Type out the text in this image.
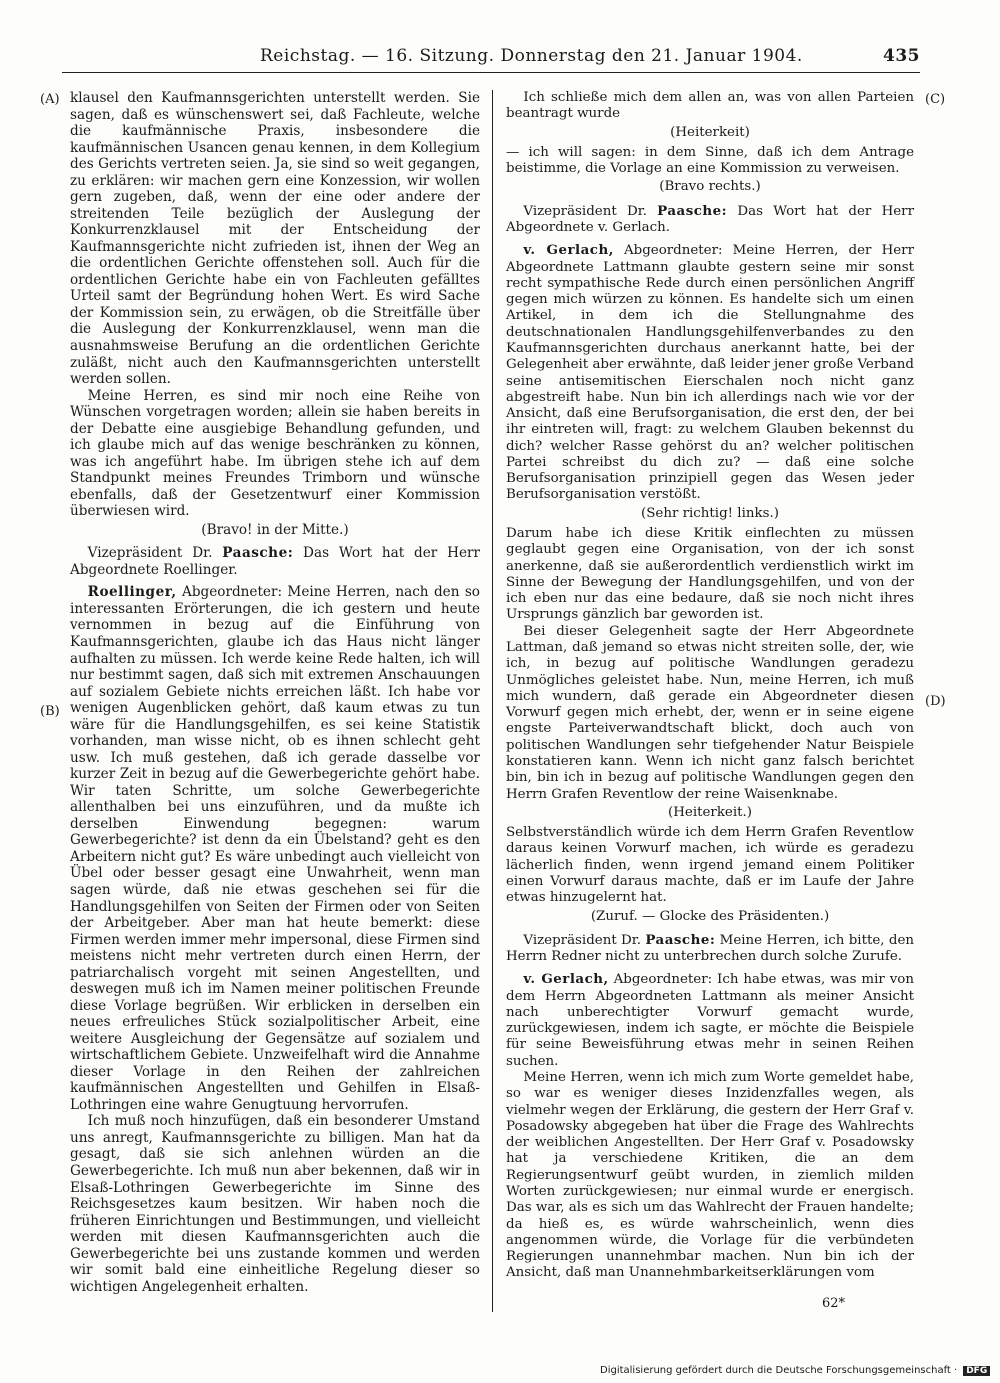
Reichstag. — 16. Sitzung. Donnerstag den 21. Januar 1904.	435
(A)
(B)
(C)
(D)

klausel den Kaufmannsgerichten unterstellt werden. Sie sagen, daß es wünschenswert sei, daß Fachleute, welche die kaufmännische Praxis, insbesondere die kaufmännischen Usancen genau kennen, in dem Kollegium des Gerichts vertreten seien. Ja, sie sind so weit gegangen, zu erklären: wir machen gern eine Konzession, wir wollen gern zugeben, daß, wenn der eine oder andere der streitenden Teile bezüglich der Auslegung der Konkurrenzklausel mit der Entscheidung der Kaufmannsgerichte nicht zufrieden ist, ihnen der Weg an die ordentlichen Gerichte offenstehen soll. Auch für die ordentlichen Gerichte habe ein von Fachleuten gefälltes Urteil samt der Begründung hohen Wert. Es wird Sache der Kommission sein, zu erwägen, ob die Streitfälle über die Auslegung der Konkurrenzklausel, wenn man die ausnahmsweise Berufung an die ordentlichen Gerichte zuläßt, nicht auch den Kaufmannsgerichten unterstellt werden sollen.

Meine Herren, es sind mir noch eine Reihe von Wünschen vorgetragen worden; allein sie haben bereits in der Debatte eine ausgiebige Behandlung gefunden, und ich glaube mich auf das wenige beschränken zu können, was ich angeführt habe. Im übrigen stehe ich auf dem Standpunkt meines Freundes Trimborn und wünsche ebenfalls, daß der Gesetzentwurf einer Kommission überwiesen wird.

(Bravo! in der Mitte.)

Vizepräsident Dr. Paasche: Das Wort hat der Herr Abgeordnete Roellinger.

Roellinger, Abgeordneter: Meine Herren, nach den so interessanten Erörterungen, die ich gestern und heute vernommen in bezug auf die Einführung von Kaufmannsgerichten, glaube ich das Haus nicht länger aufhalten zu müssen. Ich werde keine Rede halten, ich will nur bestimmt sagen, daß sich mit extremen Anschauungen auf sozialem Gebiete nichts erreichen läßt. Ich habe vor wenigen Augenblicken gehört, daß kaum etwas zu tun wäre für die Handlungsgehilfen, es sei keine Statistik vorhanden, man wisse nicht, ob es ihnen schlecht geht usw. Ich muß gestehen, daß ich gerade dasselbe vor kurzer Zeit in bezug auf die Gewerbegerichte gehört habe. Wir taten Schritte, um solche Gewerbegerichte allenthalben bei uns einzuführen, und da mußte ich derselben Einwendung begegnen: warum Gewerbegerichte? ist denn da ein Übelstand? geht es den Arbeitern nicht gut? Es wäre unbedingt auch vielleicht von Übel oder besser gesagt eine Unwahrheit, wenn man sagen würde, daß nie etwas geschehen sei für die Handlungsgehilfen von Seiten der Firmen oder von Seiten der Arbeitgeber. Aber man hat heute bemerkt: diese Firmen werden immer mehr impersonal, diese Firmen sind meistens nicht mehr vertreten durch einen Herrn, der patriarchalisch vorgeht mit seinen Angestellten, und deswegen muß ich im Namen meiner politischen Freunde diese Vorlage begrüßen. Wir erblicken in derselben ein neues erfreuliches Stück sozialpolitischer Arbeit, eine weitere Ausgleichung der Gegensätze auf sozialem und wirtschaftlichem Gebiete. Unzweifelhaft wird die Annahme dieser Vorlage in den Reihen der zahlreichen kaufmännischen Angestellten und Gehilfen in Elsaß-Lothringen eine wahre Genugtuung hervorrufen.

Ich muß noch hinzufügen, daß ein besonderer Umstand uns anregt, Kaufmannsgerichte zu billigen. Man hat da gesagt, daß sie sich anlehnen würden an die Gewerbegerichte. Ich muß nun aber bekennen, daß wir in Elsaß-Lothringen Gewerbegerichte im Sinne des Reichsgesetzes kaum besitzen. Wir haben noch die früheren Einrichtungen und Bestimmungen, und vielleicht werden mit diesen Kaufmannsgerichten auch die Gewerbegerichte bei uns zustande kommen und werden wir somit bald eine einheitliche Regelung dieser so wichtigen Angelegenheit erhalten.

Ich schließe mich dem allen an, was von allen Parteien beantragt wurde

(Heiterkeit)

— ich will sagen: in dem Sinne, daß ich dem Antrage beistimme, die Vorlage an eine Kommission zu verweisen.

(Bravo rechts.)

Vizepräsident Dr. Paasche: Das Wort hat der Herr Abgeordnete v. Gerlach.

v. Gerlach, Abgeordneter: Meine Herren, der Herr Abgeordnete Lattmann glaubte gestern seine mir sonst recht sympathische Rede durch einen persönlichen Angriff gegen mich würzen zu können. Es handelte sich um einen Artikel, in dem ich die Stellungnahme des deutschnationalen Handlungsgehilfenverbandes zu den Kaufmannsgerichten durchaus anerkannt hatte, bei der Gelegenheit aber erwähnte, daß leider jener große Verband seine antisemitischen Eierschalen noch nicht ganz abgestreift habe. Nun bin ich allerdings nach wie vor der Ansicht, daß eine Berufsorganisation, die erst den, der bei ihr eintreten will, fragt: zu welchem Glauben bekennst du dich? welcher Rasse gehörst du an? welcher politischen Partei schreibst du dich zu? — daß eine solche Berufsorganisation prinzipiell gegen das Wesen jeder Berufsorganisation verstößt.

(Sehr richtig! links.)

Darum habe ich diese Kritik einflechten zu müssen geglaubt gegen eine Organisation, von der ich sonst anerkenne, daß sie außerordentlich verdienstlich wirkt im Sinne der Bewegung der Handlungsgehilfen, und von der ich eben nur das eine bedaure, daß sie noch nicht ihres Ursprungs gänzlich bar geworden ist.

Bei dieser Gelegenheit sagte der Herr Abgeordnete Lattman, daß jemand so etwas nicht streiten solle, der, wie ich, in bezug auf politische Wandlungen geradezu Unmögliches geleistet habe. Nun, meine Herren, ich muß mich wundern, daß gerade ein Abgeordneter diesen Vorwurf gegen mich erhebt, der, wenn er in seine eigene engste Parteiverwandtschaft blickt, doch auch von politischen Wandlungen sehr tiefgehender Natur Beispiele konstatieren kann. Wenn ich nicht ganz falsch berichtet bin, bin ich in bezug auf politische Wandlungen gegen den Herrn Grafen Reventlow der reine Waisenknabe.

(Heiterkeit.)

Selbstverständlich würde ich dem Herrn Grafen Reventlow daraus keinen Vorwurf machen, ich würde es geradezu lächerlich finden, wenn irgend jemand einem Politiker einen Vorwurf daraus machte, daß er im Laufe der Jahre etwas hinzugelernt hat.

(Zuruf. — Glocke des Präsidenten.)

Vizepräsident Dr. Paasche: Meine Herren, ich bitte, den Herrn Redner nicht zu unterbrechen durch solche Zurufe.

v. Gerlach, Abgeordneter: Ich habe etwas, was mir von dem Herrn Abgeordneten Lattmann als meiner Ansicht nach unberechtigter Vorwurf gemacht wurde, zurückgewiesen, indem ich sagte, er möchte die Beispiele für seine Beweisführung etwas mehr in seinen Reihen suchen.

Meine Herren, wenn ich mich zum Worte gemeldet habe, so war es weniger dieses Inzidenzfalles wegen, als vielmehr wegen der Erklärung, die gestern der Herr Graf v. Posadowsky abgegeben hat über die Frage des Wahlrechts der weiblichen Angestellten. Der Herr Graf v. Posadowsky hat ja verschiedene Kritiken, die an dem Regierungsentwurf geübt wurden, in ziemlich milden Worten zurückgewiesen; nur einmal wurde er energisch. Das war, als es sich um das Wahlrecht der Frauen handelte; da hieß es, es würde wahrscheinlich, wenn dies angenommen würde, die Vorlage für die verbündeten Regierungen unannehmbar machen. Nun bin ich der Ansicht, daß man Unannehmbarkeitserklärungen vom

62*
Digitalisierung gefördert durch die Deutsche Forschungsgemeinschaft · DFG
